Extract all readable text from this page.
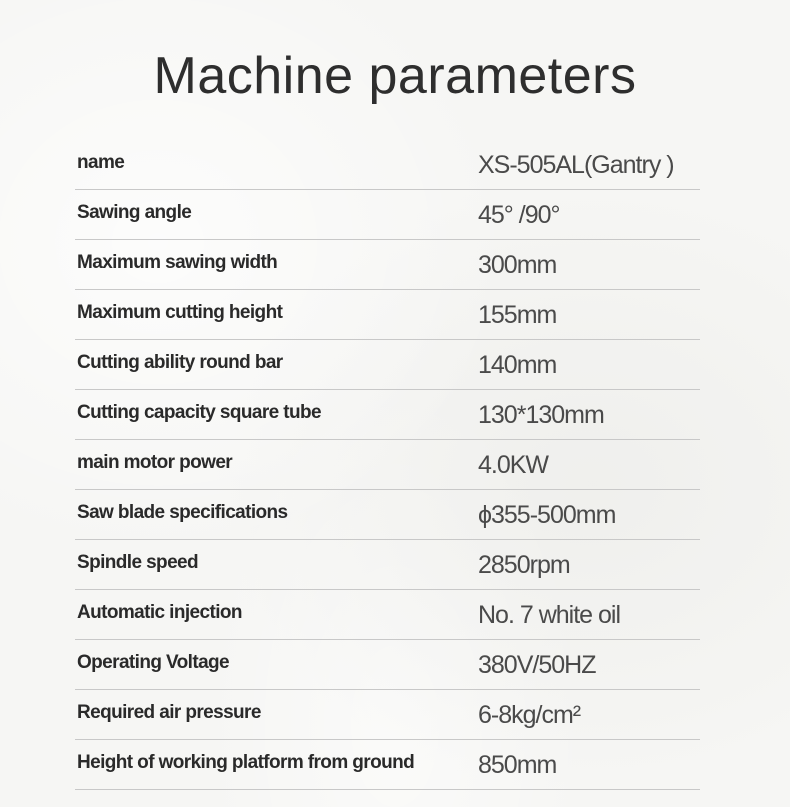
Machine parameters
name	XS-505AL(Gantry )
Sawing angle	45° /90°
Maximum sawing width	300mm
Maximum cutting height	155mm
Cutting ability round bar	140mm
Cutting capacity square tube	130*130mm
main motor power	4.0KW
Saw blade specifications	ϕ355-500mm
Spindle speed	2850rpm
Automatic injection	No. 7 white oil
Operating Voltage	380V/50HZ
Required air pressure	6-8kg/cm²
Height of working platform from ground	850mm
